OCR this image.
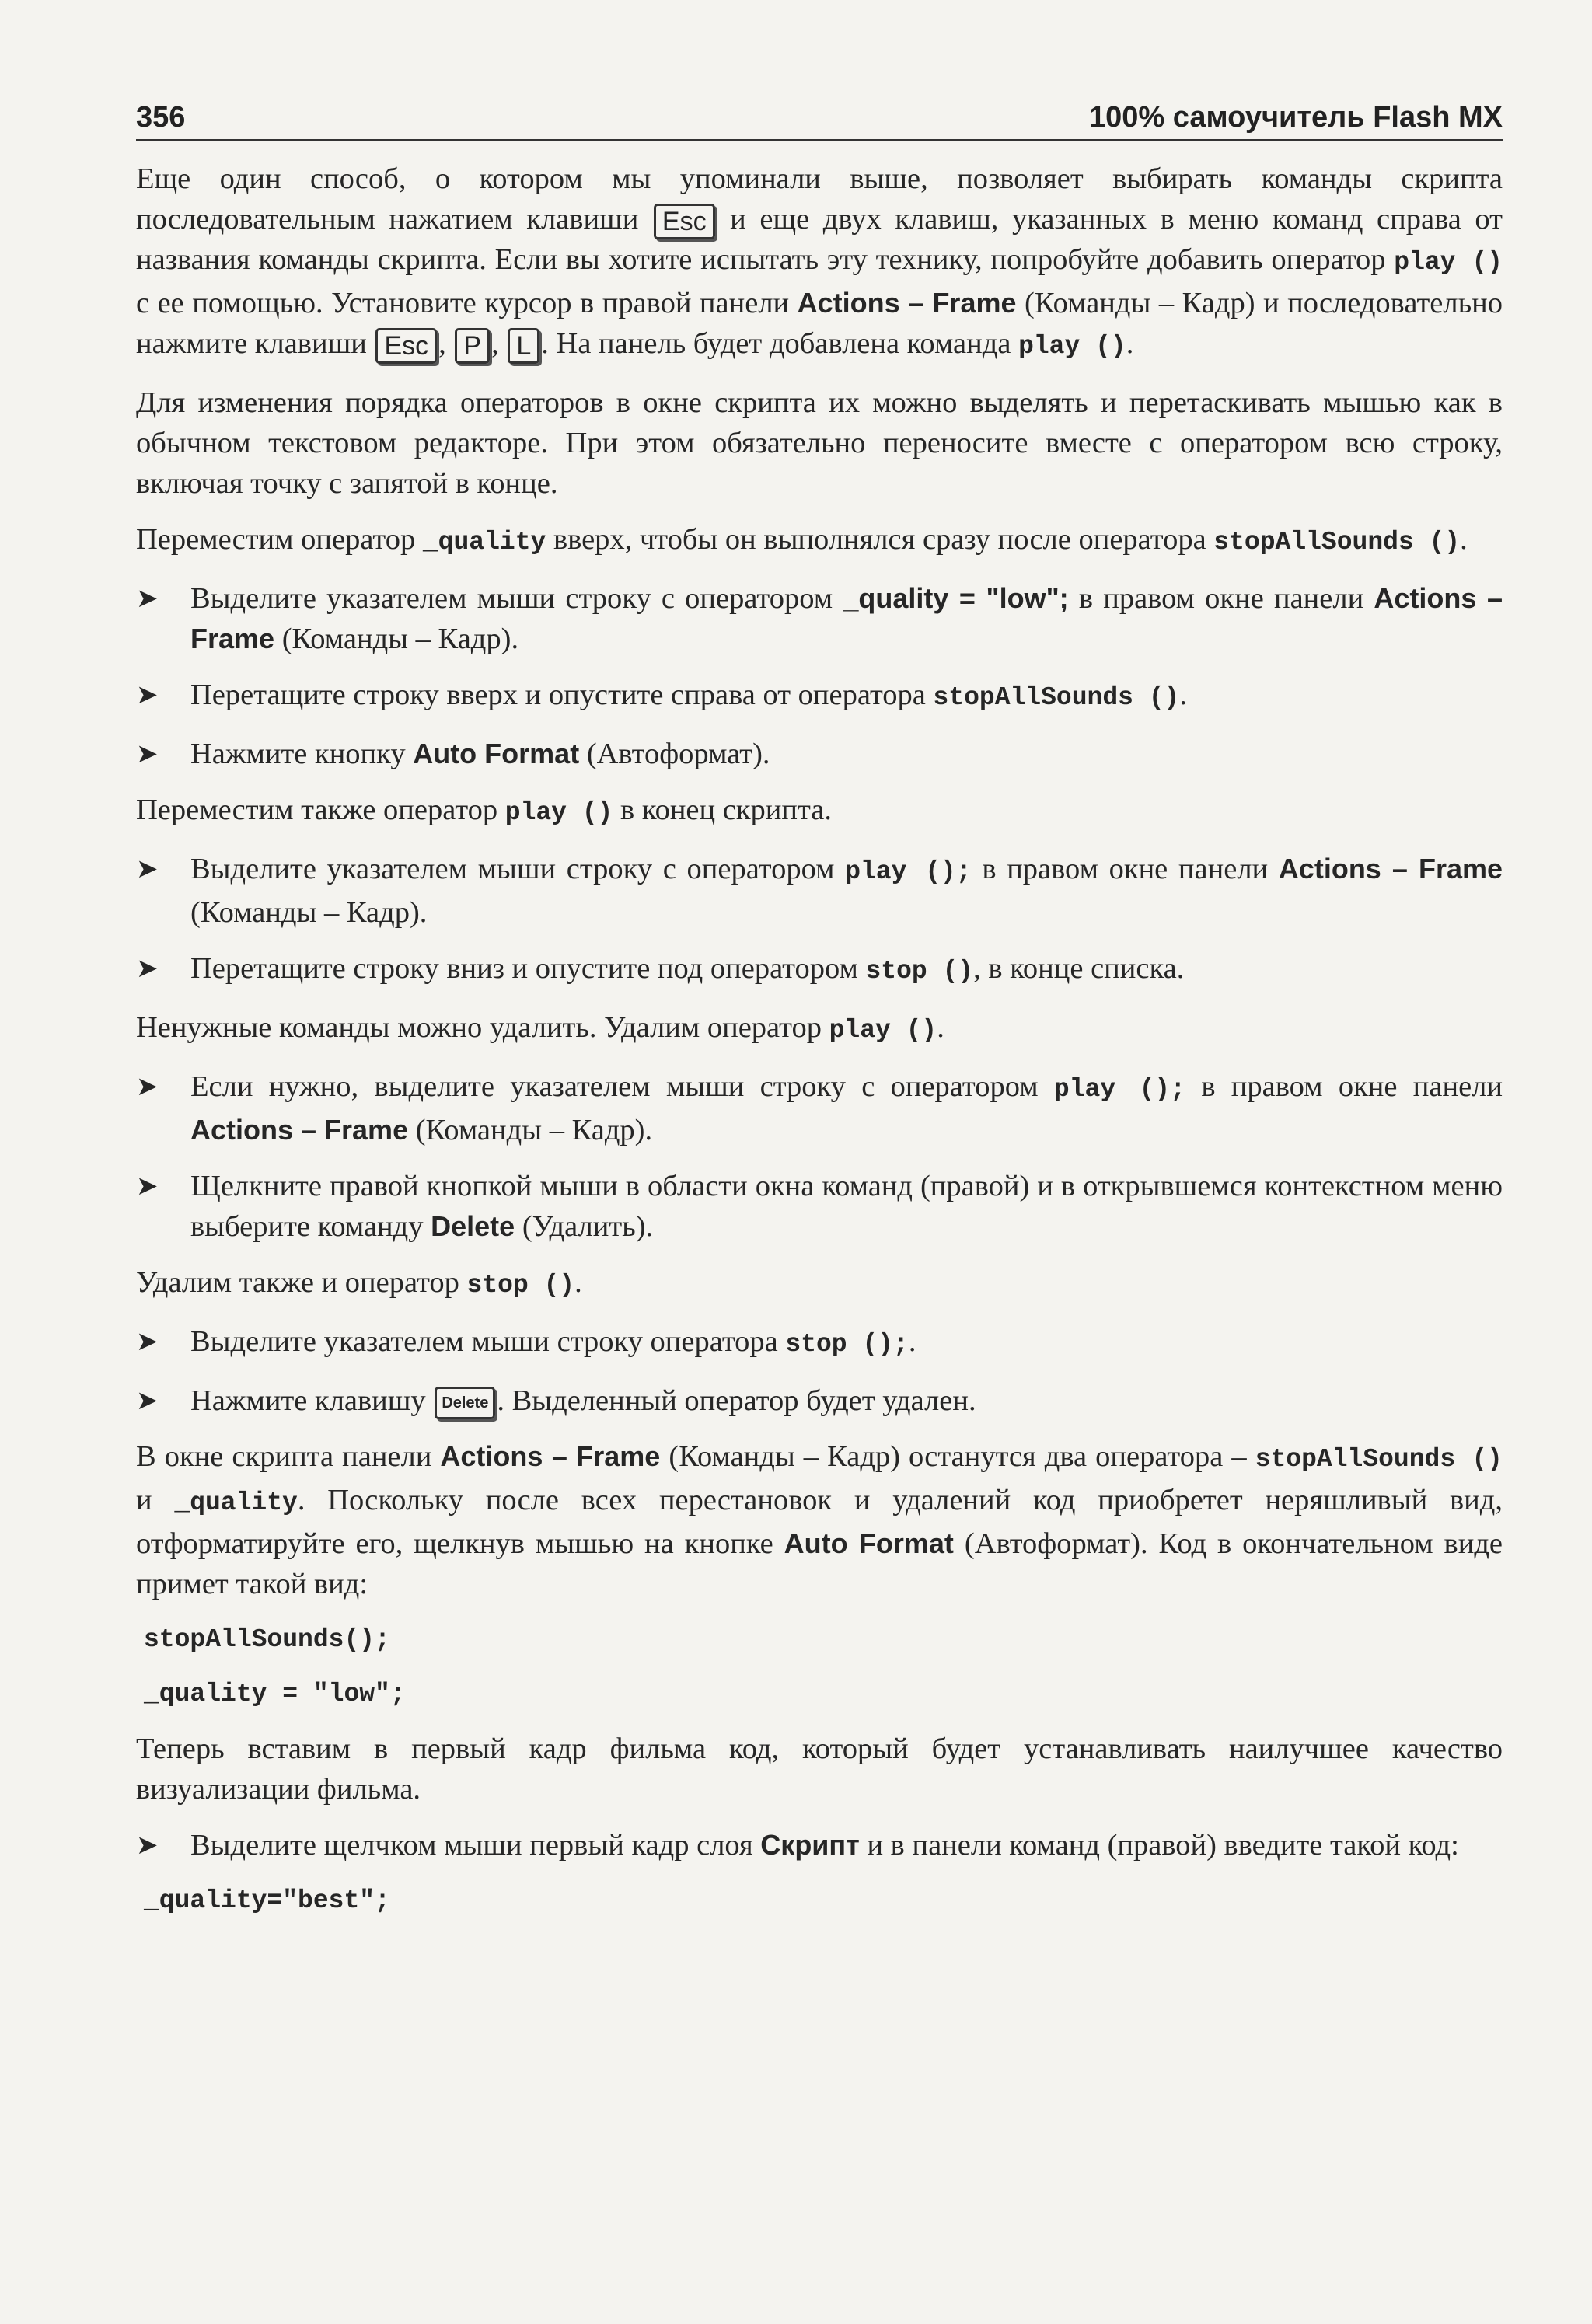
356	100% самоучитель Flash MX

Еще один способ, о котором мы упоминали выше, позволяет выбирать команды скрипта последовательным нажатием клавиши Esc и еще двух клавиш, указанных в меню команд справа от названия команды скрипта. Если вы хотите испытать эту технику, попробуйте добавить оператор play () с ее помощью. Установите курсор в правой панели Actions – Frame (Команды – Кадр) и последовательно нажмите клавиши Esc , P , L . На панель будет добавлена команда play ().

Для изменения порядка операторов в окне скрипта их можно выделять и перетаскивать мышью как в обычном текстовом редакторе. При этом обязательно переносите вместе с оператором всю строку, включая точку с запятой в конце.

Переместим оператор _quality вверх, чтобы он выполнялся сразу после оператора stopAllSounds ().

➤	Выделите указателем мыши строку с оператором _quality = "low"; в правом окне панели Actions – Frame (Команды – Кадр).

➤	Перетащите строку вверх и опустите справа от оператора stopAllSounds ().

➤	Нажмите кнопку Auto Format (Автоформат).

Переместим также оператор play () в конец скрипта.

➤	Выделите указателем мыши строку с оператором play (); в правом окне панели Actions – Frame (Команды – Кадр).

➤	Перетащите строку вниз и опустите под оператором stop (), в конце списка.

Ненужные команды можно удалить. Удалим оператор play ().

➤	Если нужно, выделите указателем мыши строку с оператором play (); в правом окне панели Actions – Frame (Команды – Кадр).

➤	Щелкните правой кнопкой мыши в области окна команд (правой) и в открывшемся контекстном меню выберите команду Delete (Удалить).

Удалим также и оператор stop ().

➤	Выделите указателем мыши строку оператора stop ();.

➤	Нажмите клавишу Delete . Выделенный оператор будет удален.

В окне скрипта панели Actions – Frame (Команды – Кадр) останутся два оператора – stopAllSounds () и _quality. Поскольку после всех перестановок и удалений код приобретет неряшливый вид, отформатируйте его, щелкнув мышью на кнопке Auto Format (Автоформат). Код в окончательном виде примет такой вид:

stopAllSounds();
_quality = "low";

Теперь вставим в первый кадр фильма код, который будет устанавливать наилучшее качество визуализации фильма.

➤	Выделите щелчком мыши первый кадр слоя Скрипт и в панели команд (правой) введите такой код:

_quality="best";
